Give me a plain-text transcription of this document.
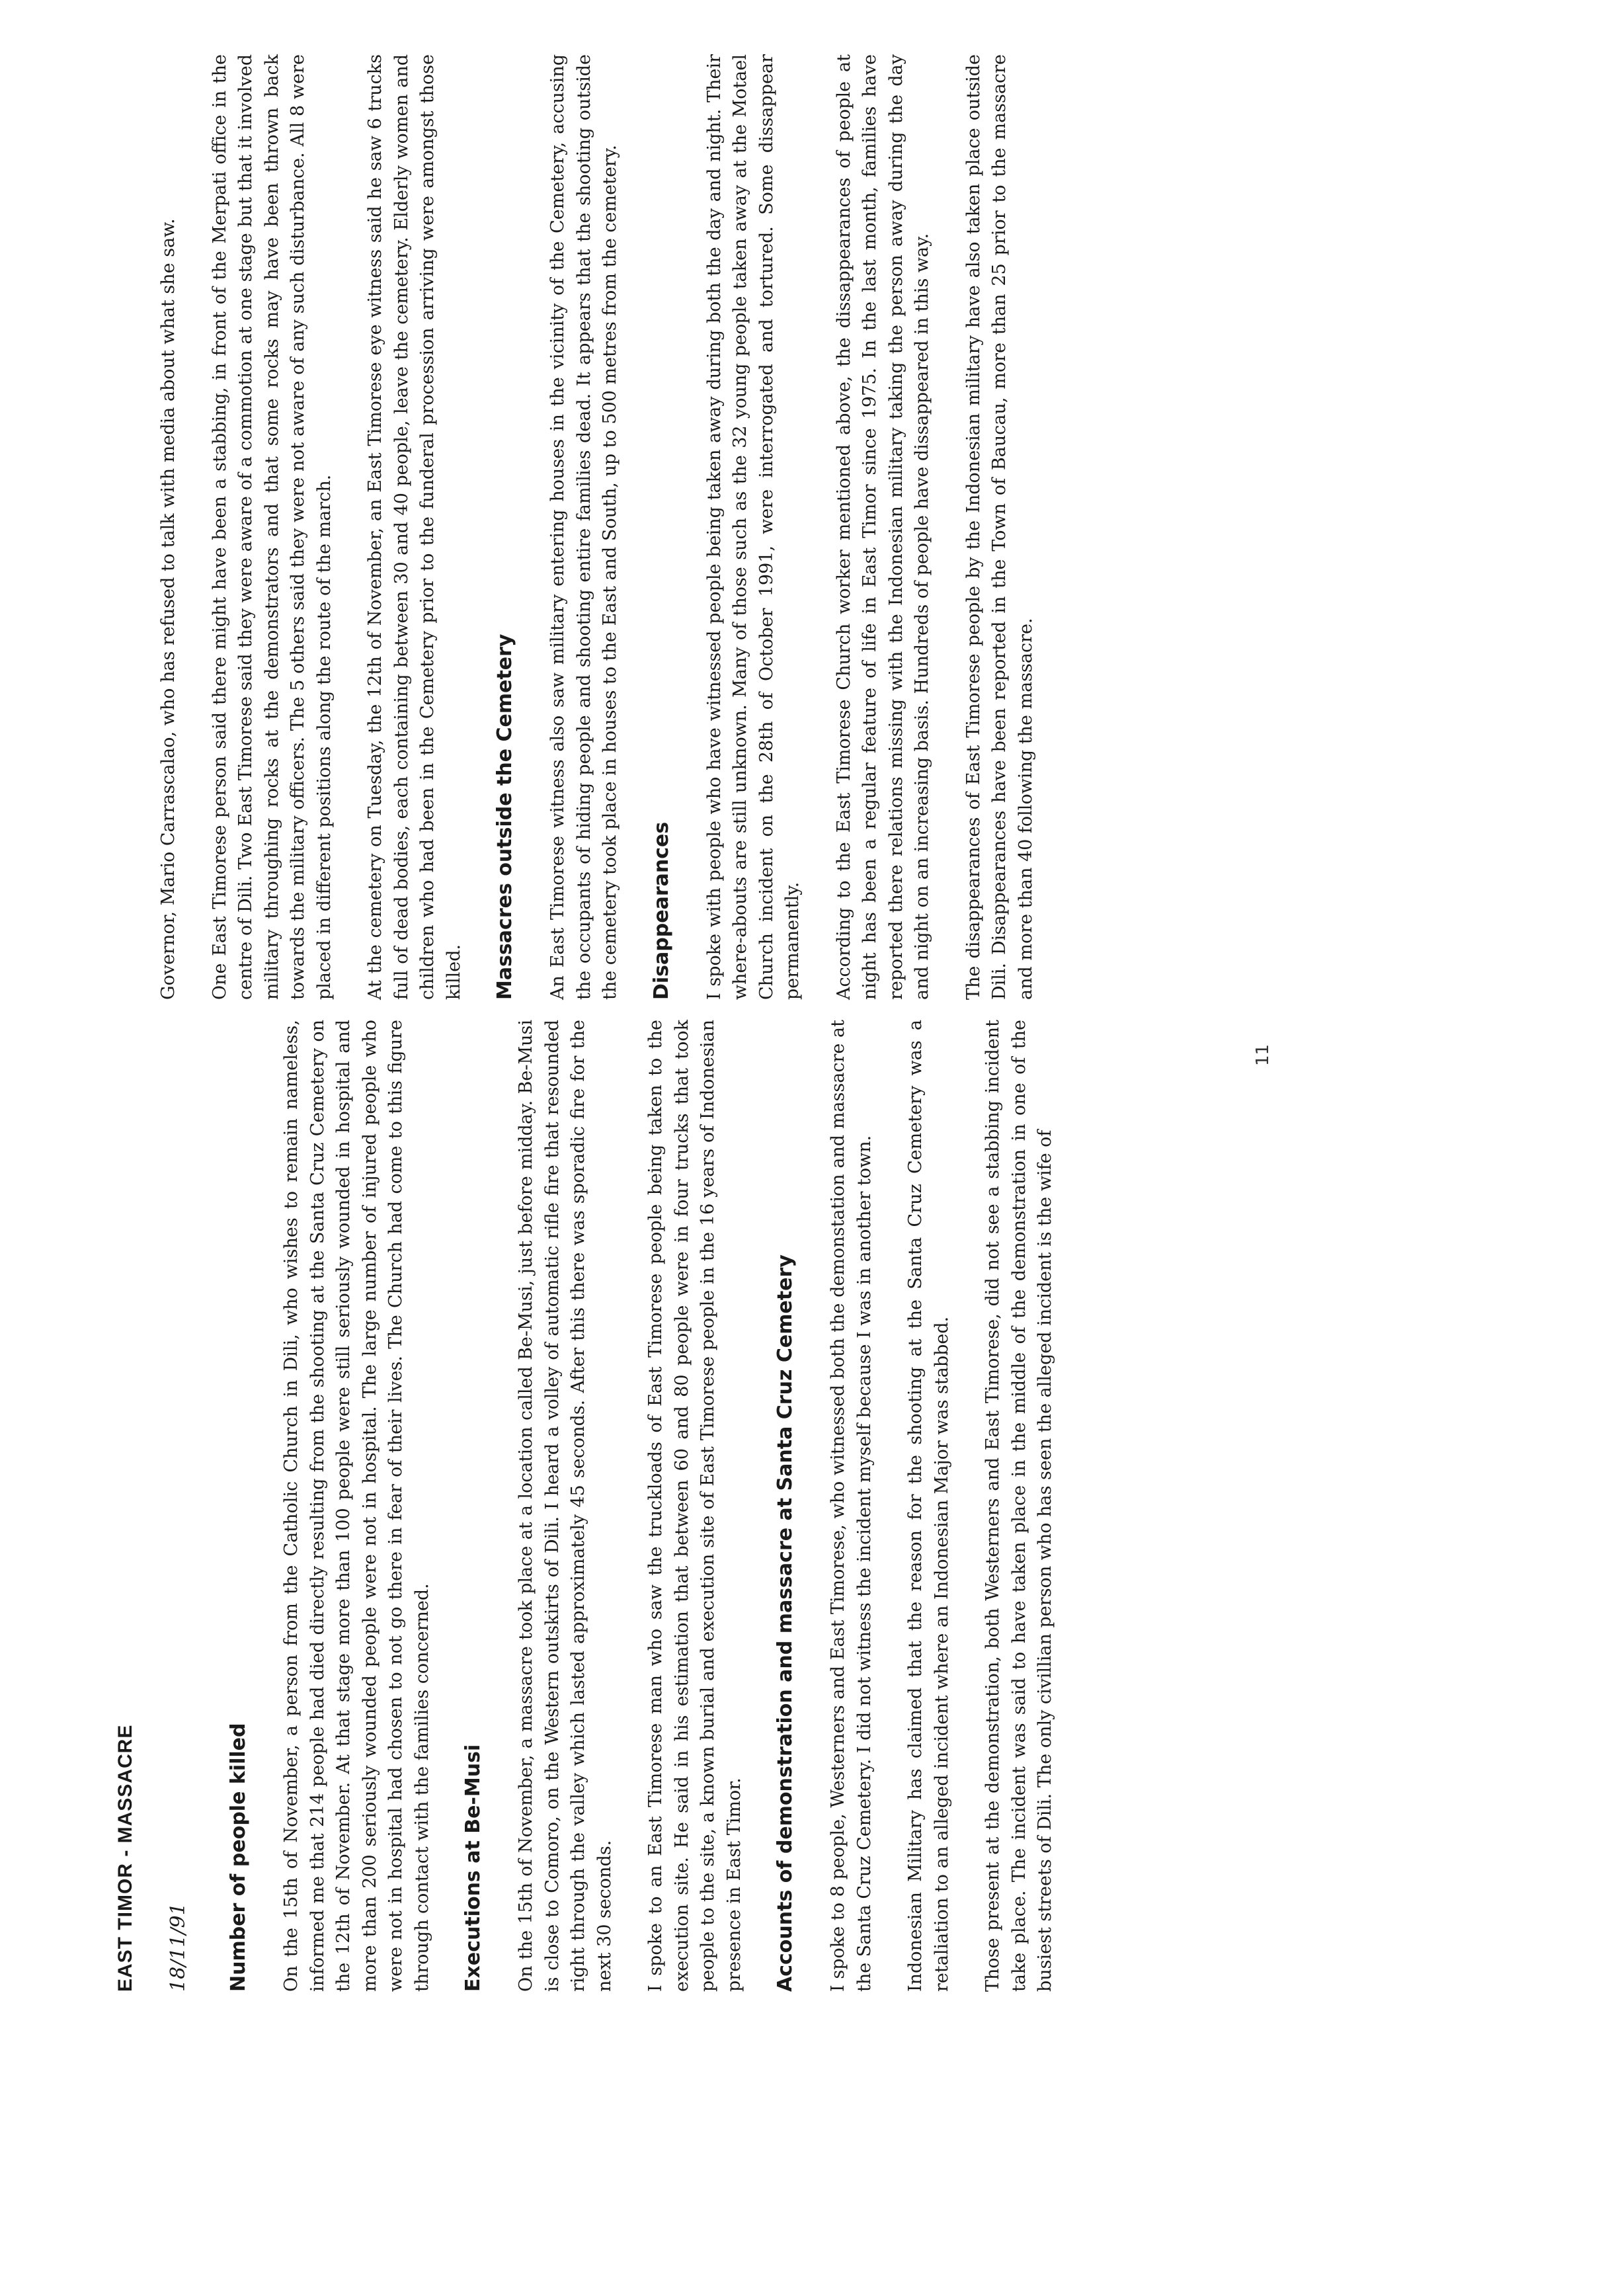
EAST TIMOR - MASSACRE 18/11/91 Number of people killed On the 15th of November, a person from the Catholic Church in Dili, who wishes to remain nameless, informed me that 214 people had died directly resulting from the shooting at the Santa Cruz Cemetery on the 12th of November. At that stage more than 100 people were still seriously wounded in hospital and more than 200 seriously wounded people were not in hospital. The large number of injured people who were not in hospital had chosen to not go there in fear of their lives. The Church had come to this figure through contact with the families concerned. Executions at Be-Musi On the 15th of November, a massacre took place at a location called Be-Musi, just before midday. Be-Musi is close to Comoro, on the Western outskirts of Dili. I heard a volley of automatic rifle fire that resounded right through the valley which lasted approximately 45 seconds. After this there was sporadic fire for the next 30 seconds. I spoke to an East Timorese man who saw the truckloads of East Timorese people being taken to the execution site. He said in his estimation that between 60 and 80 people were in four trucks that took people to the site, a known burial and execution site of East Timorese people in the 16 years of Indonesian presence in East Timor. Accounts of demonstration and massacre at Santa Cruz Cemetery I spoke to 8 people, Westerners and East Timorese, who witnessed both the demonstation and massacre at the Santa Cruz Cemetery. I did not witness the incident myself because I was in another town. Indonesian Military has claimed that the reason for the shooting at the Santa Cruz Cemetery was a retaliation to an alleged incident where an Indonesian Major was stabbed. Those present at the demonstration, both Westerners and East Timorese, did not see a stabbing incident take place. The incident was said to have taken place in the middle of the demonstration in one of the busiest streets of Dili. The only civillian person who has seen the alleged incident is the wife of

11

Governor, Mario Carrascalao, who has refused to talk with media about what she saw. One East Timorese person said there might have been a stabbing, in front of the Merpati office in the centre of Dili. Two East Timorese said they were aware of a commotion at one stage but that it involved military throughing rocks at the demonstrators and that some rocks may have been thrown back towards the military officers. The 5 others said they were not aware of any such disturbance. All 8 were placed in different positions along the route of the march. At the cemetery on Tuesday, the 12th of November, an East Timorese eye witness said he saw 6 trucks full of dead bodies, each containing between 30 and 40 people, leave the cemetery. Elderly women and children who had been in the Cemetery prior to the funderal procession arriving were amongst those killed. Massacres outside the Cemetery An East Timorese witness also saw military entering houses in the vicinity of the Cemetery, accusing the occupants of hiding people and shooting entire families dead. It appears that the shooting outside the cemetery took place in houses to the East and South, up to 500 metres from the cemetery. Disappearances I spoke with people who have witnessed people being taken away during both the day and night. Their where-abouts are still unknown. Many of those such as the 32 young people taken away at the Motael Church incident on the 28th of October 1991, were interrogated and tortured. Some dissappear permanently. According to the East Timorese Church worker mentioned above, the dissappearances of people at night has been a regular feature of life in East Timor since 1975. In the last month, families have reported there relations missing with the Indonesian military taking the person away during the day and night on an increasing basis. Hundreds of people have dissappeared in this way. The disappearances of East Timorese people by the Indonesian military have also taken place outside Dili. Disappearances have been reported in the Town of Baucau, more than 25 prior to the massacre and more than 40 following the massacre.
